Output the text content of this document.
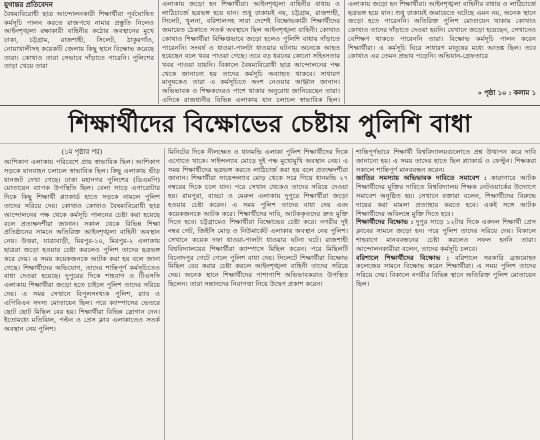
যুগান্তর প্রতিবেদন

বৈষম্যবিরোধী ছাত্র আন্দোলনকারী শিক্ষার্থীরা পূর্বঘোষিত কর্মসূচি পালন করতে রাজপথে নামার প্রস্তুতি নিলেও আইনশৃঙ্খলা রক্ষাকারী বাহিনীর কঠোর অবস্থানের মুখে ঢাকা, চট্টগ্রাম, রাজশাহী, সিলেট, ঠাকুরগাঁও, নোয়াখালীসহ কয়েকটি জেলায় কিছু স্থানে বিক্ষোভ করেছে তারা। কোথাও তারা সেভাবে দাঁড়াতে পারেনি। পুলিশের তাড়া খেয়ে তারা

এলাকায় জড়ো হন শিক্ষার্থীরা। আইনশৃঙ্খলা বাহিনীর বাধায় ও লাঠিচার্জে ছত্রভঙ্গ হয়ে যান। শুধু ঢাকায়ই নয়, চট্টগ্রাম, রাজশাহী, সিলেট, খুলনা, বরিশালসহ সারা দেশেই বিক্ষোভকারী শিক্ষার্থীদের জমায়েত ঠেকাতে সতর্ক অবস্থানে ছিল আইনশৃঙ্খলা বাহিনী। কোথাও কোথাও শিক্ষার্থীরা বিক্ষিপ্তভাবে জড়ো হলেও পুলিশি বাধায় দাঁড়াতে পারেননি। সংঘর্ষ ও ধাওয়া-পালটা ধাওয়ার ঘটনায় অনেকে আহত হয়েছেন বলে খবর পাওয়া গেছে। তবে বড় ধরনের কোনো সহিংসতার খবর পাওয়া যায়নি। বিকালে বৈষম্যবিরোধী ছাত্র আন্দোলনের পক্ষ থেকে জানানো হয় তাদের কর্মসূচি অব্যাহত থাকবে। সাধারণ মানুষকেও তারা এ কর্মসূচিতে অংশ নেওয়ার আহ্বান জানান। অভিভাবক ও শিক্ষকদেরও পাশে থাকার অনুরোধ জানিয়েছেন তারা। এদিকে রাজধানীর বিভিন্ন এলাকায় যান চলাচল স্বাভাবিক ছিল।

এলাকায় জড়ো হন শিক্ষার্থীরা। আইনশৃঙ্খলা বাহিনীর বাধায় ও লাঠিচার্জে ছত্রভঙ্গ হয়ে যান। শুধু ঢাকায়ই জমায়েতে ঘটেছে এমন নয়, অনেক স্থানে জড়ো হতে পারেননি। অতিরিক্ত পুলিশ মোতায়েন থাকায় কোথাও কোথাও তাদের দাঁড়াতে দেওয়া হয়নি। যেখানে জড়ো হয়েছেন, সেখানেও বেশিক্ষণ থাকতে পারেননি তারা। বিক্ষোভ কর্মসূচি পালন করেন শিক্ষার্থীরা। এ কর্মসূচি ঘিরে সাধারণ মানুষের মধ্যে আতঙ্ক ছিল। তবে কোথাও এর তেমন প্রভাব পড়েনি। অভিযান-গ্রেফতারে

» পৃষ্ঠা ১০ : কলাম ১
শিক্ষার্থীদের বিক্ষোভের চেষ্টায় পুলিশি বাধা
(১ম পৃষ্ঠার পর)

আশিকাগ এলাকায় পরিবেশে প্রায় স্বাভাবিক ছিল। আশিকাগ সড়কে যানবাহন চলাচল স্বাভাবিক ছিল। কিছু এলাকায় ভীড় যানজট দেখা গেছে। ঢাকা মহানগর পুলিশের (ডিএমপি) মোতায়েন ব্যাপক উপস্থিতি ছিল। বেলা সাড়ে এগারোটার দিকে কিছু শিক্ষার্থী প্ল্যাকার্ড হাতে সড়কে নামলে পুলিশ তাদের সরিয়ে দেয়। কোথাও কোথাও বৈষম্যবিরোধী ছাত্র আন্দোলনের পক্ষ থেকে কর্মসূচি পালনের চেষ্টা করা হয়েছে বলে প্রত্যক্ষদর্শীরা জানান। সকাল থেকে বিভিন্ন শিক্ষা প্রতিষ্ঠানের সামনে অতিরিক্ত আইনশৃঙ্খলা বাহিনী অবস্থান নেয়। উত্তরা, যাত্রাবাড়ী, মিরপুর-১০, মিরপুর-২ এলাকায় ছাত্ররা জড়ো হওয়ার চেষ্টা করলেও পুলিশ তাদের ছত্রভঙ্গ করে দেয়। এ সময় কয়েকজনকে আটক করা হয় বলে জানা গেছে। শিক্ষার্থীদের অভিযোগ, তাদের শান্তিপূর্ণ কর্মসূচিতেও বাধা দেওয়া হয়েছে। দুপুরের দিকে শাহবাগ ও টিএসসি এলাকায় শিক্ষার্থীরা জড়ো হতে চাইলে পুলিশ তাদের সরিয়ে দেয়। এ সময় সেখানে বিপুলসংখ্যক পুলিশ, র‌্যাব ও এপিবিএন সদস্য মোতায়েন ছিল। পরে ক্যাম্পাসের ভেতরে ছোট ছোট মিছিল বের হয়। শিক্ষার্থীরা বিভিন্ন স্লোগান দেন। ইতোমধ্যে মতিঝিল, পল্টন ও প্রেস ক্লাব এলাকাতেও সতর্ক অবস্থান নেয় পুলিশ।

মিনিটের দিকে নীলক্ষেত ও ধানমন্ডি এলাকা পুলিশ শিক্ষার্থীদের দিকে এগোতে থাকে। সাইন্সল্যাব মোড়ে দুই পক্ষ মুখোমুখি অবস্থান নেয়। এ সময় শিক্ষার্থীদের ছত্রভঙ্গ করতে লাঠিচার্জ করা হয় বলে প্রত্যক্ষদর্শীরা জানান। শিক্ষার্থীরা সায়েন্সল্যাব মোড় থেকে সরে গিয়ে ধানমন্ডি ২৭ নম্বরের দিকে চলে যান। পরে সেখান থেকেও তাদের সরিয়ে দেওয়া হয়। রামপুরা, বাড্ডা ও মেরুল এলাকায় দুপুরে শিক্ষার্থীরা জড়ো হওয়ার চেষ্টা করেন। এ সময় পুলিশ তাদের বাধা দেয় এবং কয়েকজনকে আটক করে। শিক্ষার্থীদের দাবি, আটককৃতদের দ্রুত মুক্তি দিতে হবে। চট্টগ্রামেও শিক্ষার্থীরা বিক্ষোভের চেষ্টা করে। নগরীর দুই নম্বর গেট, জিইসি মোড় ও নিউমার্কেট এলাকায় অবস্থান নেয় পুলিশ। সেখানে কয়েক দফা ধাওয়া-পালটা ধাওয়ার ঘটনা ঘটে। রাজশাহী বিশ্ববিদ্যালয়ের শিক্ষার্থীরা ক্যাম্পাসে মিছিল করেন। পরে মিছিলটি বিনোদপুর গেটে গেলে পুলিশ বাধা দেয়। সিলেটে শিক্ষার্থীরা বিক্ষোভ মিছিল বের করার চেষ্টা করলে আইনশৃঙ্খলা বাহিনী তাদের সরিয়ে দেয়। অনেক স্থানে শিক্ষার্থীদের পাশাপাশি অভিভাবকরাও উপস্থিত ছিলেন। তারা সন্তানদের নিরাপত্তা নিয়ে উদ্বেগ প্রকাশ করেন।

শান্তিপূর্ণভাবে শিক্ষার্থী বিশ্ববিদ্যালয়গুলোতে প্রশ্ন উত্থাপন করে দাবি জানানো হয়। এ সময় তাদের হাতে ছিল প্ল্যাকার্ড ও ফেস্টুন। শিক্ষকরা সকালে শান্তিপূর্ণ মানববন্ধন করেন।

জাতির সমস্যায় অভিভাবক দাবিতে সমাবেশ : কারাগারে আটক শিক্ষার্থীদের মুক্তির দাবিতে বিশ্ববিদ্যালয় শিক্ষক নেটওয়ার্কের উদ্যোগে সমাবেশ অনুষ্ঠিত হয়। সেখানে বক্তারা বলেন, শিক্ষার্থীদের বিরুদ্ধে দায়ের করা মামলা প্রত্যাহার করতে হবে। একই সঙ্গে আটক শিক্ষার্থীদের অবিলম্বে মুক্তি দিতে হবে।

শিক্ষার্থীদের বিক্ষোভ : দুপুর সাড়ে ১২টার দিকে একদল শিক্ষার্থী প্রেস ক্লাবের সামনে জড়ো হন। পরে পুলিশ তাদের সরিয়ে দেয়। বিকালে শাহবাগে মানববন্ধনের চেষ্টা করলেও সফল হননি তারা। আন্দোলনকারীরা বলেন, তাদের কর্মসূচি চলবে।

বরিশালে শিক্ষার্থীদের বিক্ষোভ : বরিশালে সরকারি ব্রজমোহন কলেজের সামনে বিক্ষোভ করেন শিক্ষার্থীরা। এ সময় পুলিশ তাদের সরিয়ে দেয়। বিকালে নগরীর বিভিন্ন স্থানে অতিরিক্ত পুলিশ মোতায়েন ছিল।
